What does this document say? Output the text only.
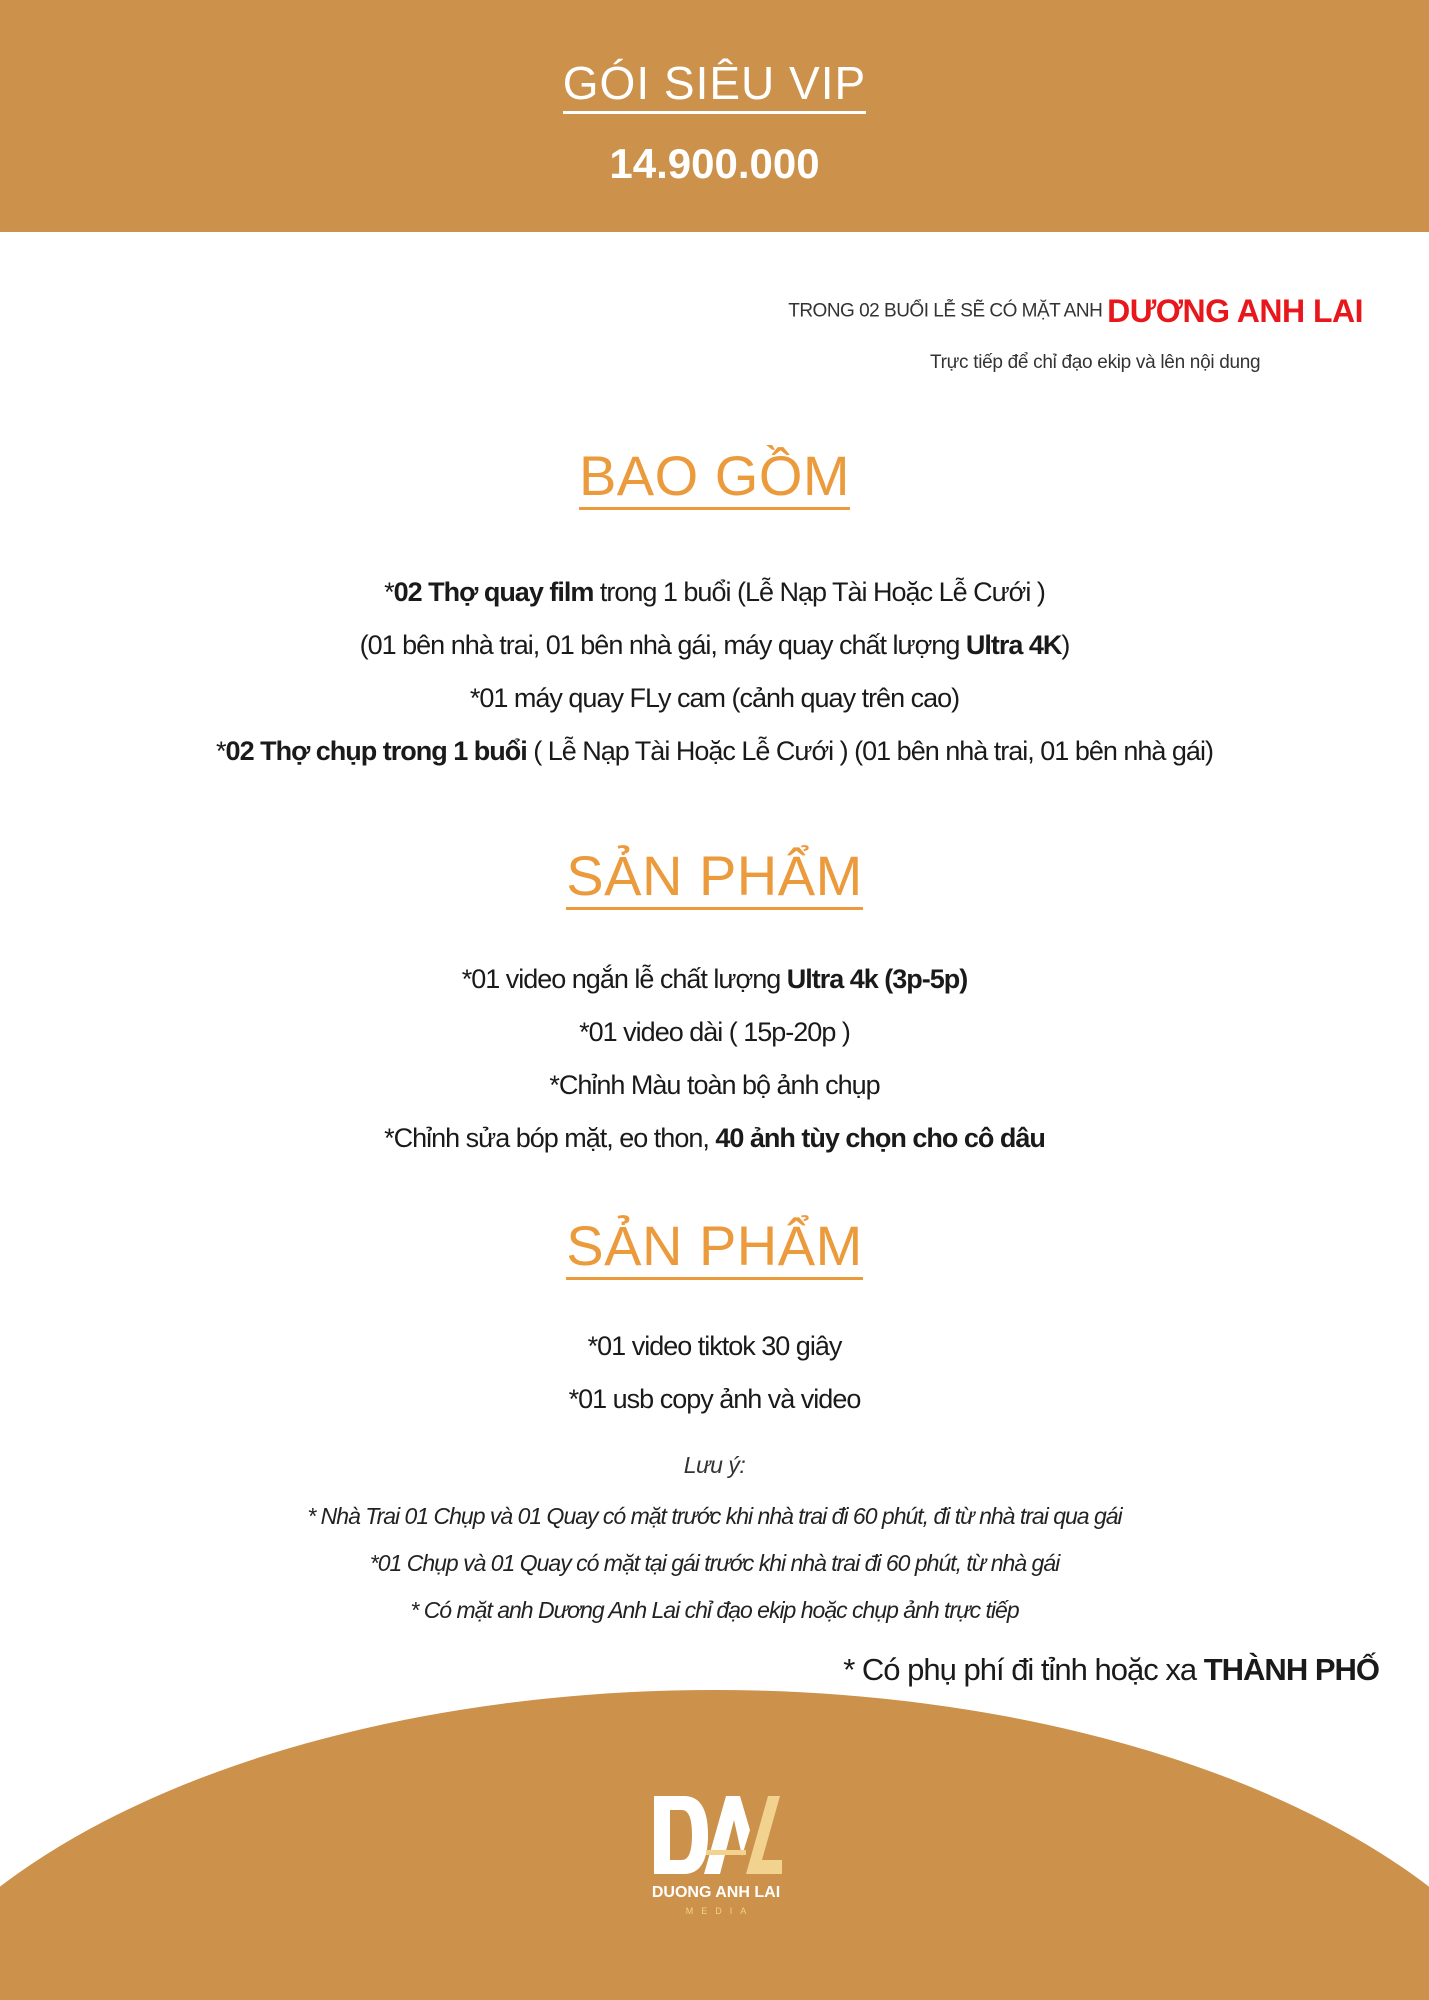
GÓI SIÊU VIP
14.900.000
TRONG 02 BUỔI LỄ SẼ CÓ MẶT ANH DƯƠNG ANH LAI
Trực tiếp để chỉ đạo ekip và lên nội dung
BAO GỒM
*02 Thợ quay film trong 1 buổi (Lễ Nạp Tài Hoặc Lễ Cưới )
(01 bên nhà trai, 01 bên nhà gái, máy quay chất lượng Ultra 4K)
*01 máy quay FLy cam (cảnh quay trên cao)
*02 Thợ chụp trong 1 buổi ( Lễ Nạp Tài Hoặc Lễ Cưới ) (01 bên nhà trai, 01 bên nhà gái)
SẢN PHẨM
*01 video ngắn lễ chất lượng Ultra 4k (3p-5p)
*01 video dài ( 15p-20p )
*Chỉnh Màu toàn bộ ảnh chụp
*Chỉnh sửa bóp mặt, eo thon, 40 ảnh tùy chọn cho cô dâu
SẢN PHẨM
*01 video tiktok 30 giây
*01 usb copy ảnh và video
Lưu ý:
* Nhà Trai 01 Chụp và 01 Quay có mặt trước khi nhà trai đi 60 phút, đi từ nhà trai qua gái
*01 Chụp và 01 Quay có mặt tại gái trước khi nhà trai đi 60 phút, từ nhà gái
* Có mặt anh Dương Anh Lai chỉ đạo ekip hoặc chụp ảnh trực tiếp
* Có phụ phí đi tỉnh hoặc xa THÀNH PHỐ
DUONG ANH LAI
MEDIA
